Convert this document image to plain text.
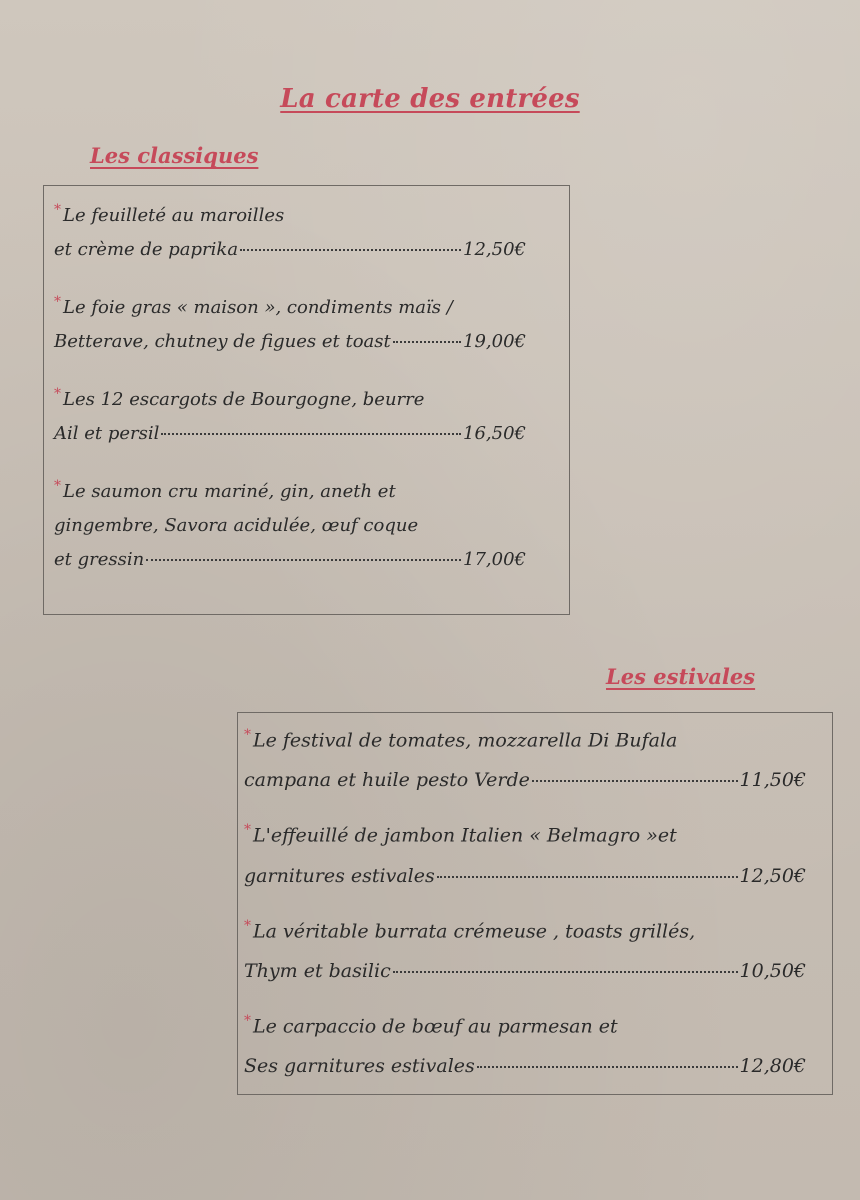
La carte des entrées
Les classiques
* Le feuilleté au maroilles
et crème de paprika	12,50€
* Le foie gras « maison », condiments maïs /
Betterave, chutney de figues et toast	19,00€
* Les 12 escargots de Bourgogne, beurre
Ail et persil	16,50€
* Le saumon cru mariné, gin, aneth et
gingembre, Savora acidulée, œuf coque
et gressin	17,00€
Les estivales
* Le festival de tomates, mozzarella Di Bufala
campana et huile pesto Verde	11,50€
* L'effeuillé de jambon Italien « Belmagro »et
garnitures estivales	12,50€
* La véritable burrata crémeuse , toasts grillés,
Thym et basilic	10,50€
* Le carpaccio de bœuf au parmesan et
Ses garnitures estivales	12,80€
